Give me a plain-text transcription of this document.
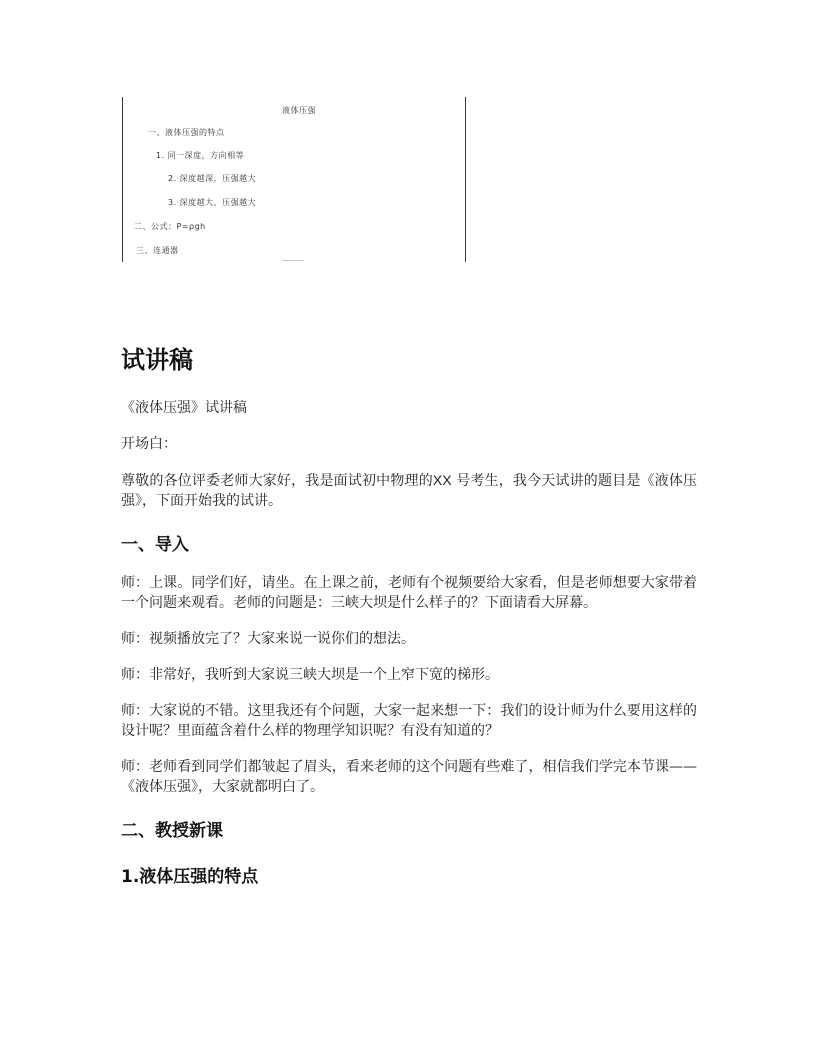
液体压强
一、液体压强的特点
1. 同一深度，方向相等
2. 深度越深，压强越大
3. 深度越大，压强越大
二、公式：P=ρgh
三、连通器
试讲稿

《液体压强》试讲稿

开场白：

尊敬的各位评委老师大家好，我是面试初中物理的XX 号考生，我今天试讲的题目是《液体压强》，下面开始我的试讲。

一、导入

师：上课。同学们好，请坐。在上课之前，老师有个视频要给大家看，但是老师想要大家带着一个问题来观看。老师的问题是：三峡大坝是什么样子的？下面请看大屏幕。

师：视频播放完了？大家来说一说你们的想法。

师：非常好，我听到大家说三峡大坝是一个上窄下宽的梯形。

师：大家说的不错。这里我还有个问题，大家一起来想一下：我们的设计师为什么要用这样的设计呢？里面蕴含着什么样的物理学知识呢？有没有知道的？

师：老师看到同学们都皱起了眉头，看来老师的这个问题有些难了，相信我们学完本节课——《液体压强》，大家就都明白了。

二、教授新课
1.液体压强的特点
